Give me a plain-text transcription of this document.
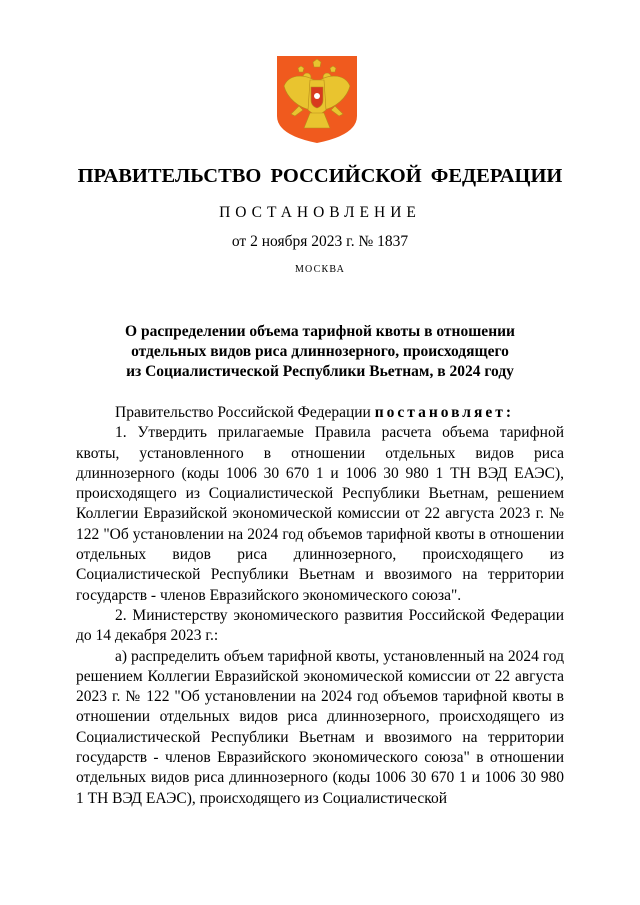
ПРАВИТЕЛЬСТВО РОССИЙСКОЙ ФЕДЕРАЦИИ
ПОСТАНОВЛЕНИЕ
от 2 ноября 2023 г. № 1837
МОСКВА
О распределении объема тарифной квоты в отношении
отдельных видов риса длиннозерного, происходящего
из Социалистической Республики Вьетнам, в 2024 году

Правительство Российской Федерации постановляет:

1. Утвердить прилагаемые Правила расчета объема тарифной квоты, установленного в отношении отдельных видов риса длиннозерного (коды 1006 30 670 1 и 1006 30 980 1 ТН ВЭД ЕАЭС), происходящего из Социалистической Республики Вьетнам, решением Коллегии Евразийской экономической комиссии от 22 августа 2023 г. № 122 "Об установлении на 2024 год объемов тарифной квоты в отношении отдельных видов риса длиннозерного, происходящего из Социалистической Республики Вьетнам и ввозимого на территории государств - членов Евразийского экономического союза".

2. Министерству экономического развития Российской Федерации до 14 декабря 2023 г.:

а) распределить объем тарифной квоты, установленный на 2024 год решением Коллегии Евразийской экономической комиссии от 22 августа 2023 г. № 122 "Об установлении на 2024 год объемов тарифной квоты в отношении отдельных видов риса длиннозерного, происходящего из Социалистической Республики Вьетнам и ввозимого на территории государств - членов Евразийского экономического союза" в отношении отдельных видов риса длиннозерного (коды 1006 30 670 1 и 1006 30 980 1 ТН ВЭД ЕАЭС), происходящего из Социалистической
